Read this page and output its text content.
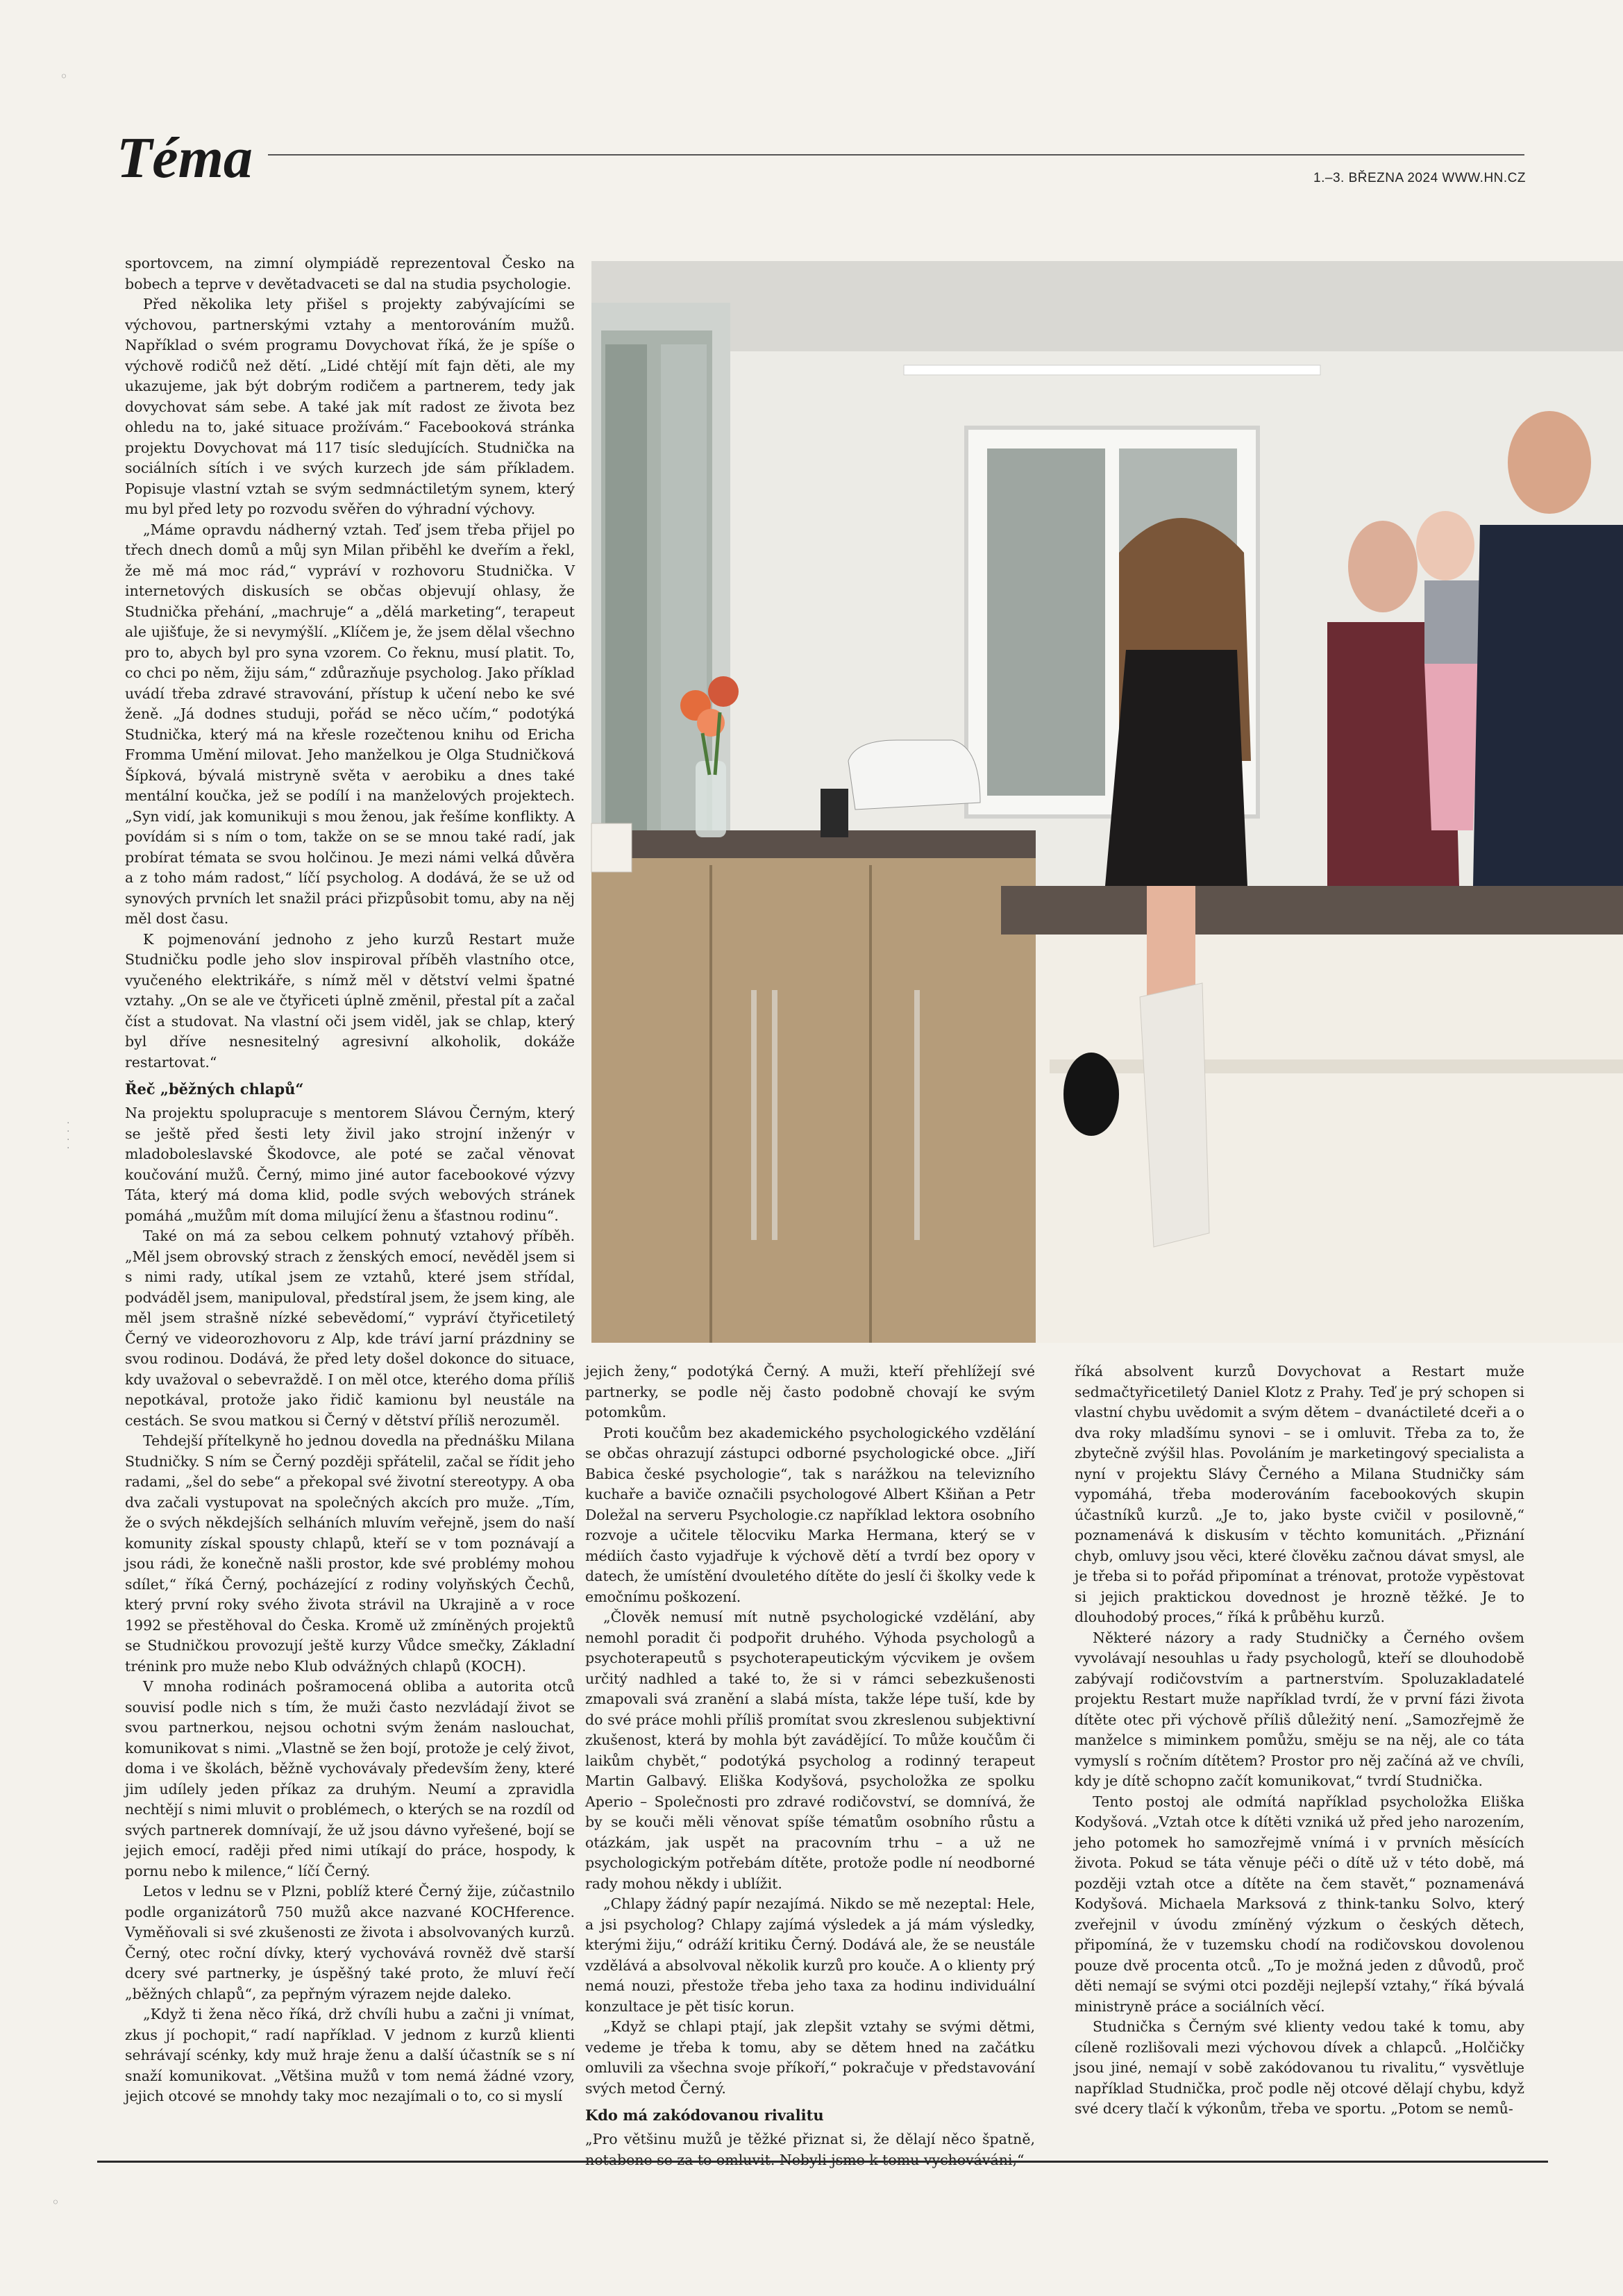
Téma	1.–3. BŘEZNA 2024 WWW.HN.CZ
◦
·
·
·
·
◦

sportovcem, na zimní olympiádě reprezentoval Česko na bobech a teprve v devětadvaceti se dal na studia psychologie.

Před několika lety přišel s projekty zabývajícími se výchovou, partnerskými vztahy a mentorováním mužů. Například o svém programu Dovychovat říká, že je spíše o výchově rodičů než dětí. „Lidé chtějí mít fajn děti, ale my ukazujeme, jak být dobrým rodičem a partnerem, tedy jak dovychovat sám sebe. A také jak mít radost ze života bez ohledu na to, jaké situace prožívám.“ Facebooková stránka projektu Dovychovat má 117 tisíc sledujících. Studnička na sociálních sítích i ve svých kurzech jde sám příkladem. Popisuje vlastní vztah se svým sedmnáctiletým synem, který mu byl před lety po rozvodu svěřen do výhradní výchovy.

„Máme opravdu nádherný vztah. Teď jsem třeba přijel po třech dnech domů a můj syn Milan přiběhl ke dveřím a řekl, že mě má moc rád,“ vypráví v rozhovoru Studnička. V internetových diskusích se občas objevují ohlasy, že Studnička přehání, „machruje“ a „dělá marketing“, terapeut ale ujišťuje, že si nevymýšlí. „Klíčem je, že jsem dělal všechno pro to, abych byl pro syna vzorem. Co řeknu, musí platit. To, co chci po něm, žiju sám,“ zdůrazňuje psycholog. Jako příklad uvádí třeba zdravé stravování, přístup k učení nebo ke své ženě. „Já dodnes studuji, pořád se něco učím,“ podotýká Studnička, který má na křesle rozečtenou knihu od Ericha Fromma Umění milovat. Jeho manželkou je Olga Studničková Šípková, bývalá mistryně světa v aerobiku a dnes také mentální koučka, jež se podílí i na manželových projektech. „Syn vidí, jak komunikuji s mou ženou, jak řešíme konflikty. A povídám si s ním o tom, takže on se se mnou také radí, jak probírat témata se svou holčinou. Je mezi námi velká důvěra a z toho mám radost,“ líčí psycholog. A dodává, že se už od synových prvních let snažil práci přizpůsobit tomu, aby na něj měl dost času.

K pojmenování jednoho z jeho kurzů Restart muže Studničku podle jeho slov inspiroval příběh vlastního otce, vyučeného elektrikáře, s nímž měl v dětství velmi špatné vztahy. „On se ale ve čtyřiceti úplně změnil, přestal pít a začal číst a studovat. Na vlastní oči jsem viděl, jak se chlap, který byl dříve nesnesitelný agresivní alkoholik, dokáže restartovat.“

Řeč „běžných chlapů“

Na projektu spolupracuje s mentorem Slávou Černým, který se ještě před šesti lety živil jako strojní inženýr v mladoboleslavské Škodovce, ale poté se začal věnovat koučování mužů. Černý, mimo jiné autor facebookové výzvy Táta, který má doma klid, podle svých webových stránek pomáhá „mužům mít doma milující ženu a šťastnou rodinu“.

Také on má za sebou celkem pohnutý vztahový příběh. „Měl jsem obrovský strach z ženských emocí, nevěděl jsem si s nimi rady, utíkal jsem ze vztahů, které jsem střídal, podváděl jsem, manipuloval, předstíral jsem, že jsem king, ale měl jsem strašně nízké sebevědomí,“ vypráví čtyřicetiletý Černý ve videorozhovoru z Alp, kde tráví jarní prázdniny se svou rodinou. Dodává, že před lety došel dokonce do situace, kdy uvažoval o sebevraždě. I on měl otce, kterého doma příliš nepotkával, protože jako řidič kamionu byl neustále na cestách. Se svou matkou si Černý v dětství příliš nerozuměl.

Tehdejší přítelkyně ho jednou dovedla na přednášku Milana Studničky. S ním se Černý později spřátelil, začal se řídit jeho radami, „šel do sebe“ a překopal své životní stereotypy. A oba dva začali vystupovat na společných akcích pro muže. „Tím, že o svých někdejších selháních mluvím veřejně, jsem do naší komunity získal spousty chlapů, kteří se v tom poznávají a jsou rádi, že konečně našli prostor, kde své problémy mohou sdílet,“ říká Černý, pocházející z rodiny volyňských Čechů, který první roky svého života strávil na Ukrajině a v roce 1992 se přestěhoval do Česka. Kromě už zmíněných projektů se Studničkou provozují ještě kurzy Vůdce smečky, Základní trénink pro muže nebo Klub odvážných chlapů (KOCH).

V mnoha rodinách pošramocená obliba a autorita otců souvisí podle nich s tím, že muži často nezvládají život se svou partnerkou, nejsou ochotni svým ženám naslouchat, komunikovat s nimi. „Vlastně se žen bojí, protože je celý život, doma i ve školách, běžně vychovávaly především ženy, které jim udílely jeden příkaz za druhým. Neumí a zpravidla nechtějí s nimi mluvit o problémech, o kterých se na rozdíl od svých partnerek domnívají, že už jsou dávno vyřešené, bojí se jejich emocí, raději před nimi utíkají do práce, hospody, k pornu nebo k milence,“ líčí Černý.

Letos v lednu se v Plzni, poblíž které Černý žije, zúčastnilo podle organizátorů 750 mužů akce nazvané KOCHference. Vyměňovali si své zkušenosti ze života i absolvovaných kurzů. Černý, otec roční dívky, který vychovává rovněž dvě starší dcery své partnerky, je úspěšný také proto, že mluví řečí „běžných chlapů“, za pepřným výrazem nejde daleko.

„Když ti žena něco říká, drž chvíli hubu a začni ji vnímat, zkus jí pochopit,“ radí například. V jednom z kurzů klienti sehrávají scénky, kdy muž hraje ženu a další účastník se s ní snaží komunikovat. „Většina mužů v tom nemá žádné vzory, jejich otcové se mnohdy taky moc nezajímali o to, co si myslí

jejich ženy,“ podotýká Černý. A muži, kteří přehlížejí své partnerky, se podle něj často podobně chovají ke svým potomkům.

Proti koučům bez akademického psychologického vzdělání se občas ohrazují zástupci odborné psychologické obce. „Jiří Babica české psychologie“, tak s narážkou na televizního kuchaře a baviče označili psychologové Albert Kšiňan a Petr Doležal na serveru Psychologie.cz například lektora osobního rozvoje a učitele tělocviku Marka Hermana, který se v médiích často vyjadřuje k výchově dětí a tvrdí bez opory v datech, že umístění dvouletého dítěte do jeslí či školky vede k emočnímu poškození.

„Člověk nemusí mít nutně psychologické vzdělání, aby nemohl poradit či podpořit druhého. Výhoda psychologů a psychoterapeutů s psychoterapeutickým výcvikem je ovšem určitý nadhled a také to, že si v rámci sebezkušenosti zmapovali svá zranění a slabá místa, takže lépe tuší, kde by do své práce mohli příliš promítat svou zkreslenou subjektivní zkušenost, která by mohla být zavádějící. To může koučům či laikům chybět,“ podotýká psycholog a rodinný terapeut Martin Galbavý. Eliška Kodyšová, psycholožka ze spolku Aperio – Společnosti pro zdravé rodičovství, se domnívá, že by se kouči měli věnovat spíše tématům osobního růstu a otázkám, jak uspět na pracovním trhu – a už ne psychologickým potřebám dítěte, protože podle ní neodborné rady mohou někdy i ublížit.

„Chlapy žádný papír nezajímá. Nikdo se mě nezeptal: Hele, a jsi psycholog? Chlapy zajímá výsledek a já mám výsledky, kterými žiju,“ odráží kritiku Černý. Dodává ale, že se neustále vzdělává a absolvoval několik kurzů pro kouče. A o klienty prý nemá nouzi, přestože třeba jeho taxa za hodinu individuální konzultace je pět tisíc korun.

„Když se chlapi ptají, jak zlepšit vztahy se svými dětmi, vedeme je třeba k tomu, aby se dětem hned na začátku omluvili za všechna svoje příkoří,“ pokračuje v představování svých metod Černý.

Kdo má zakódovanou rivalitu

„Pro většinu mužů je těžké přiznat si, že dělají něco špatně, notabene se za to omluvit. Nebyli jsme k tomu vychováváni,“

říká absolvent kurzů Dovychovat a Restart muže sedmačtyřicetiletý Daniel Klotz z Prahy. Teď je prý schopen si vlastní chybu uvědomit a svým dětem – dvanáctileté dceři a o dva roky mladšímu synovi – se i omluvit. Třeba za to, že zbytečně zvýšil hlas. Povoláním je marketingový specialista a nyní v projektu Slávy Černého a Milana Studničky sám vypomáhá, třeba moderováním facebookových skupin účastníků kurzů. „Je to, jako byste cvičil v posilovně,“ poznamenává k diskusím v těchto komunitách. „Přiznání chyb, omluvy jsou věci, které člověku začnou dávat smysl, ale je třeba si to pořád připomínat a trénovat, protože vypěstovat si jejich praktickou dovednost je hrozně těžké. Je to dlouhodobý proces,“ říká k průběhu kurzů.

Některé názory a rady Studničky a Černého ovšem vyvolávají nesouhlas u řady psychologů, kteří se dlouhodobě zabývají rodičovstvím a partnerstvím. Spoluzakladatelé projektu Restart muže například tvrdí, že v první fázi života dítěte otec při výchově příliš důležitý není. „Samozřejmě že manželce s miminkem pomůžu, směju se na něj, ale co táta vymyslí s ročním dítětem? Prostor pro něj začíná až ve chvíli, kdy je dítě schopno začít komunikovat,“ tvrdí Studnička.

Tento postoj ale odmítá například psycholožka Eliška Kodyšová. „Vztah otce k dítěti vzniká už před jeho narozením, jeho potomek ho samozřejmě vnímá i v prvních měsících života. Pokud se táta věnuje péči o dítě už v této době, má později vztah otce a dítěte na čem stavět,“ poznamenává Kodyšová. Michaela Marksová z think-tanku Solvo, který zveřejnil v úvodu zmíněný výzkum o českých dětech, připomíná, že v tuzemsku chodí na rodičovskou dovolenou pouze dvě procenta otců. „To je možná jeden z důvodů, proč děti nemají se svými otci později nejlepší vztahy,“ říká bývalá ministryně práce a sociálních věcí.

Studnička s Černým své klienty vedou také k tomu, aby cíleně rozlišovali mezi výchovou dívek a chlapců. „Holčičky jsou jiné, nemají v sobě zakódovanou tu rivalitu,“ vysvětluje například Studnička, proč podle něj otcové dělají chybu, když své dcery tlačí k výkonům, třeba ve sportu. „Potom se nemů-
